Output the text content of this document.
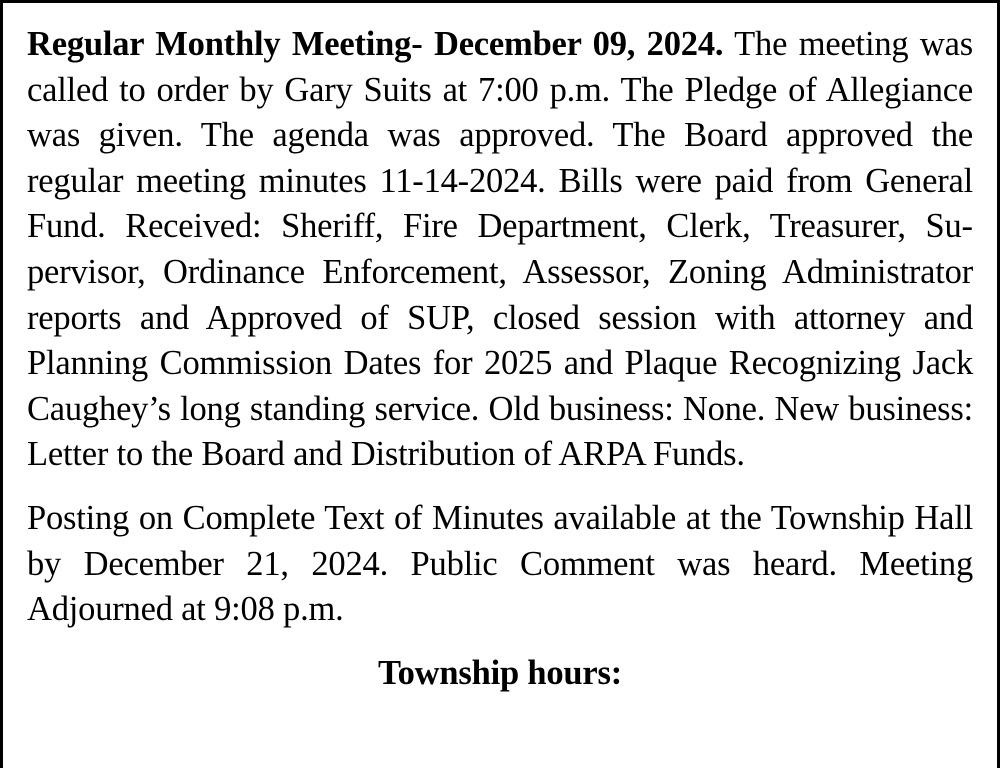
Regular Monthly Meeting- December 09, 2024. The meeting was called to order by Gary Suits at 7:00 p.m. The Pledge of Allegiance was given. The agenda was approved. The Board approved the regular meeting minutes 11-14-2024. Bills were paid from General Fund. Received: Sheriff, Fire Department, Clerk, Treasurer, Supervisor, Ordinance Enforcement, Assessor, Zoning Administrator reports and Approved of SUP, closed session with attorney and Planning Commission Dates for 2025 and Plaque Recognizing Jack Caughey’s long standing service. Old business: None. New business: Letter to the Board and Distribution of ARPA Funds.

Posting on Complete Text of Minutes available at the Township Hall by December 21, 2024. Public Comment was heard. Meeting Adjourned at 9:08 p.m.

Township hours:
